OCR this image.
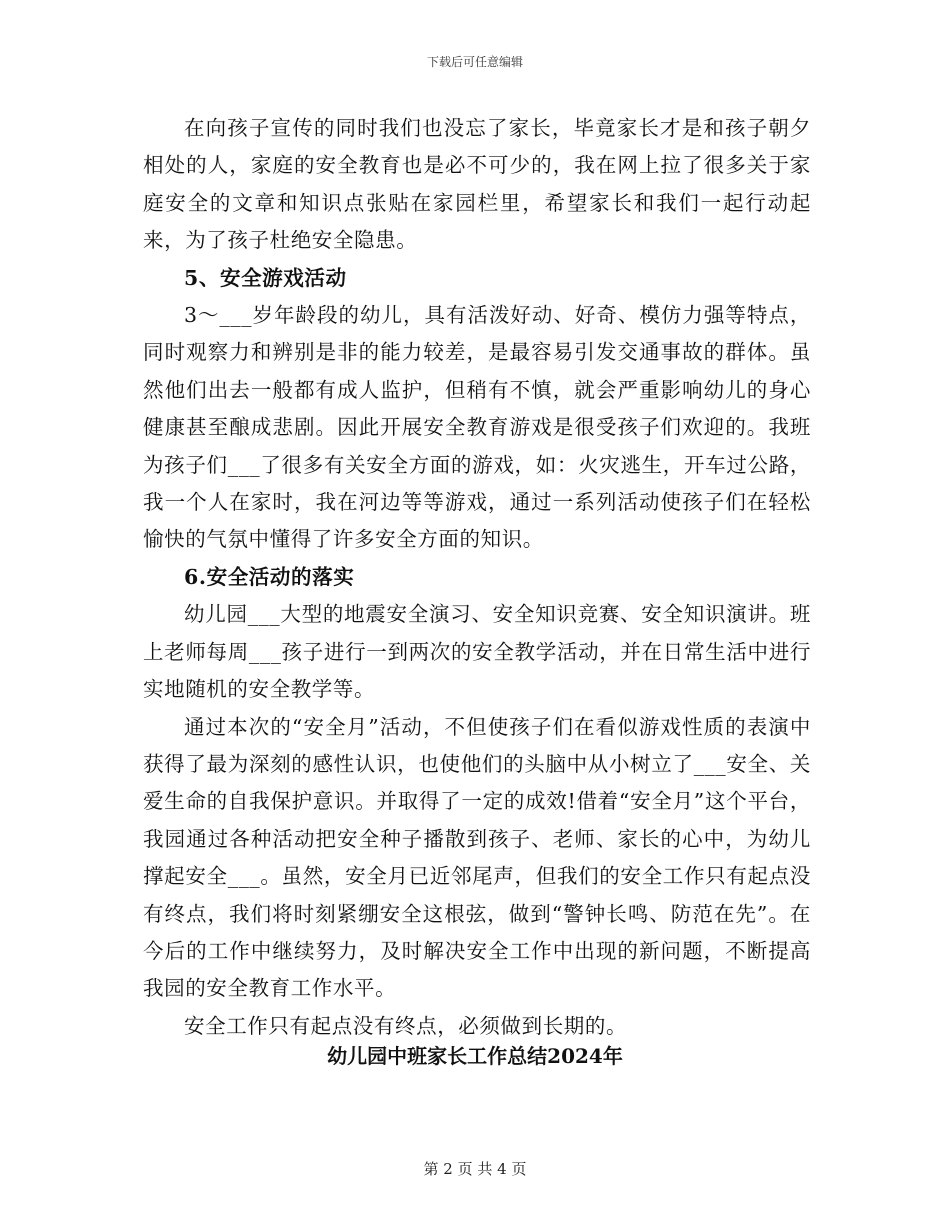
下载后可任意编辑

在向孩子宣传的同时我们也没忘了家长，毕竟家长才是和孩子朝夕相处的人，家庭的安全教育也是必不可少的，我在网上拉了很多关于家庭安全的文章和知识点张贴在家园栏里，希望家长和我们一起行动起来，为了孩子杜绝安全隐患。

5、安全游戏活动

3～___岁年龄段的幼儿，具有活泼好动、好奇、模仿力强等特点，同时观察力和辨别是非的能力较差，是最容易引发交通事故的群体。虽然他们出去一般都有成人监护，但稍有不慎，就会严重影响幼儿的身心健康甚至酿成悲剧。因此开展安全教育游戏是很受孩子们欢迎的。我班为孩子们___了很多有关安全方面的游戏，如：火灾逃生，开车过公路，我一个人在家时，我在河边等等游戏，通过一系列活动使孩子们在轻松愉快的气氛中懂得了许多安全方面的知识。

6.安全活动的落实

幼儿园___大型的地震安全演习、安全知识竞赛、安全知识演讲。班上老师每周___孩子进行一到两次的安全教学活动，并在日常生活中进行实地随机的安全教学等。

通过本次的“安全月”活动，不但使孩子们在看似游戏性质的表演中获得了最为深刻的感性认识，也使他们的头脑中从小树立了___安全、关爱生命的自我保护意识。并取得了一定的成效!借着“安全月”这个平台，我园通过各种活动把安全种子播散到孩子、老师、家长的心中，为幼儿撑起安全___。虽然，安全月已近邻尾声，但我们的安全工作只有起点没有终点，我们将时刻紧绷安全这根弦，做到“警钟长鸣、防范在先”。在今后的工作中继续努力，及时解决安全工作中出现的新问题，不断提高我园的安全教育工作水平。

安全工作只有起点没有终点，必须做到长期的。

幼儿园中班家长工作总结2024年
第 2 页 共 4 页
